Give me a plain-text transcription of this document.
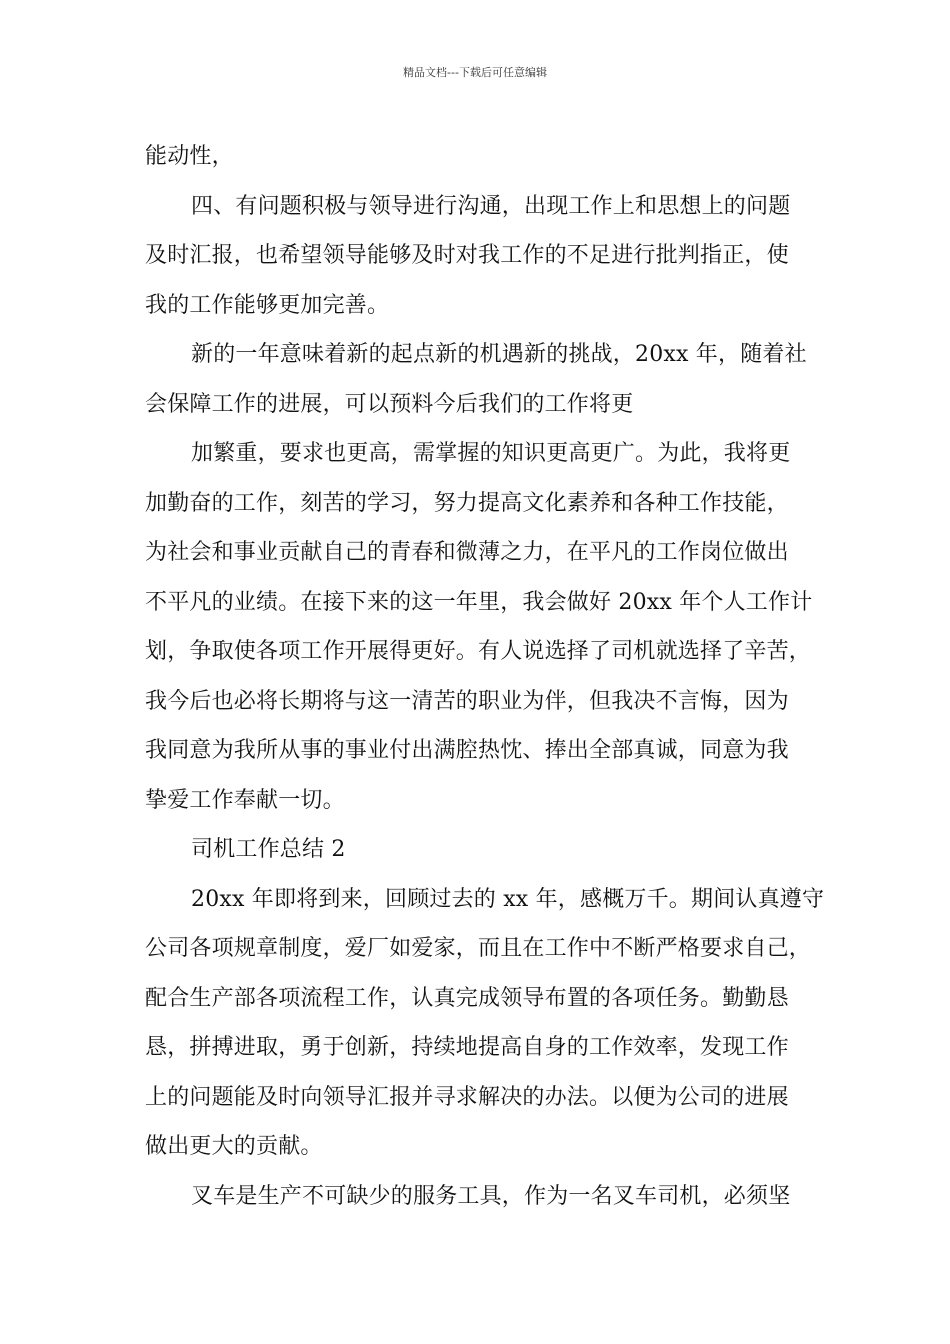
精品文档---下载后可任意编辑

能动性，

四、有问题积极与领导进行沟通，出现工作上和思想上的问题
及时汇报，也希望领导能够及时对我工作的不足进行批判指正，使
我的工作能够更加完善。

新的一年意味着新的起点新的机遇新的挑战，20xx 年，随着社
会保障工作的进展，可以预料今后我们的工作将更

加繁重，要求也更高，需掌握的知识更高更广。为此，我将更
加勤奋的工作，刻苦的学习，努力提高文化素养和各种工作技能，
为社会和事业贡献自己的青春和微薄之力，在平凡的工作岗位做出
不平凡的业绩。在接下来的这一年里，我会做好 20xx 年个人工作计
划，争取使各项工作开展得更好。有人说选择了司机就选择了辛苦，
我今后也必将长期将与这一清苦的职业为伴，但我决不言悔，因为
我同意为我所从事的事业付出满腔热忱、捧出全部真诚，同意为我
挚爱工作奉献一切。

司机工作总结 2

20xx 年即将到来，回顾过去的 xx 年，感概万千。期间认真遵守
公司各项规章制度，爱厂如爱家，而且在工作中不断严格要求自己，
配合生产部各项流程工作，认真完成领导布置的各项任务。勤勤恳
恳，拼搏进取，勇于创新，持续地提高自身的工作效率，发现工作
上的问题能及时向领导汇报并寻求解决的办法。以便为公司的进展
做出更大的贡献。

叉车是生产不可缺少的服务工具，作为一名叉车司机，必须坚
